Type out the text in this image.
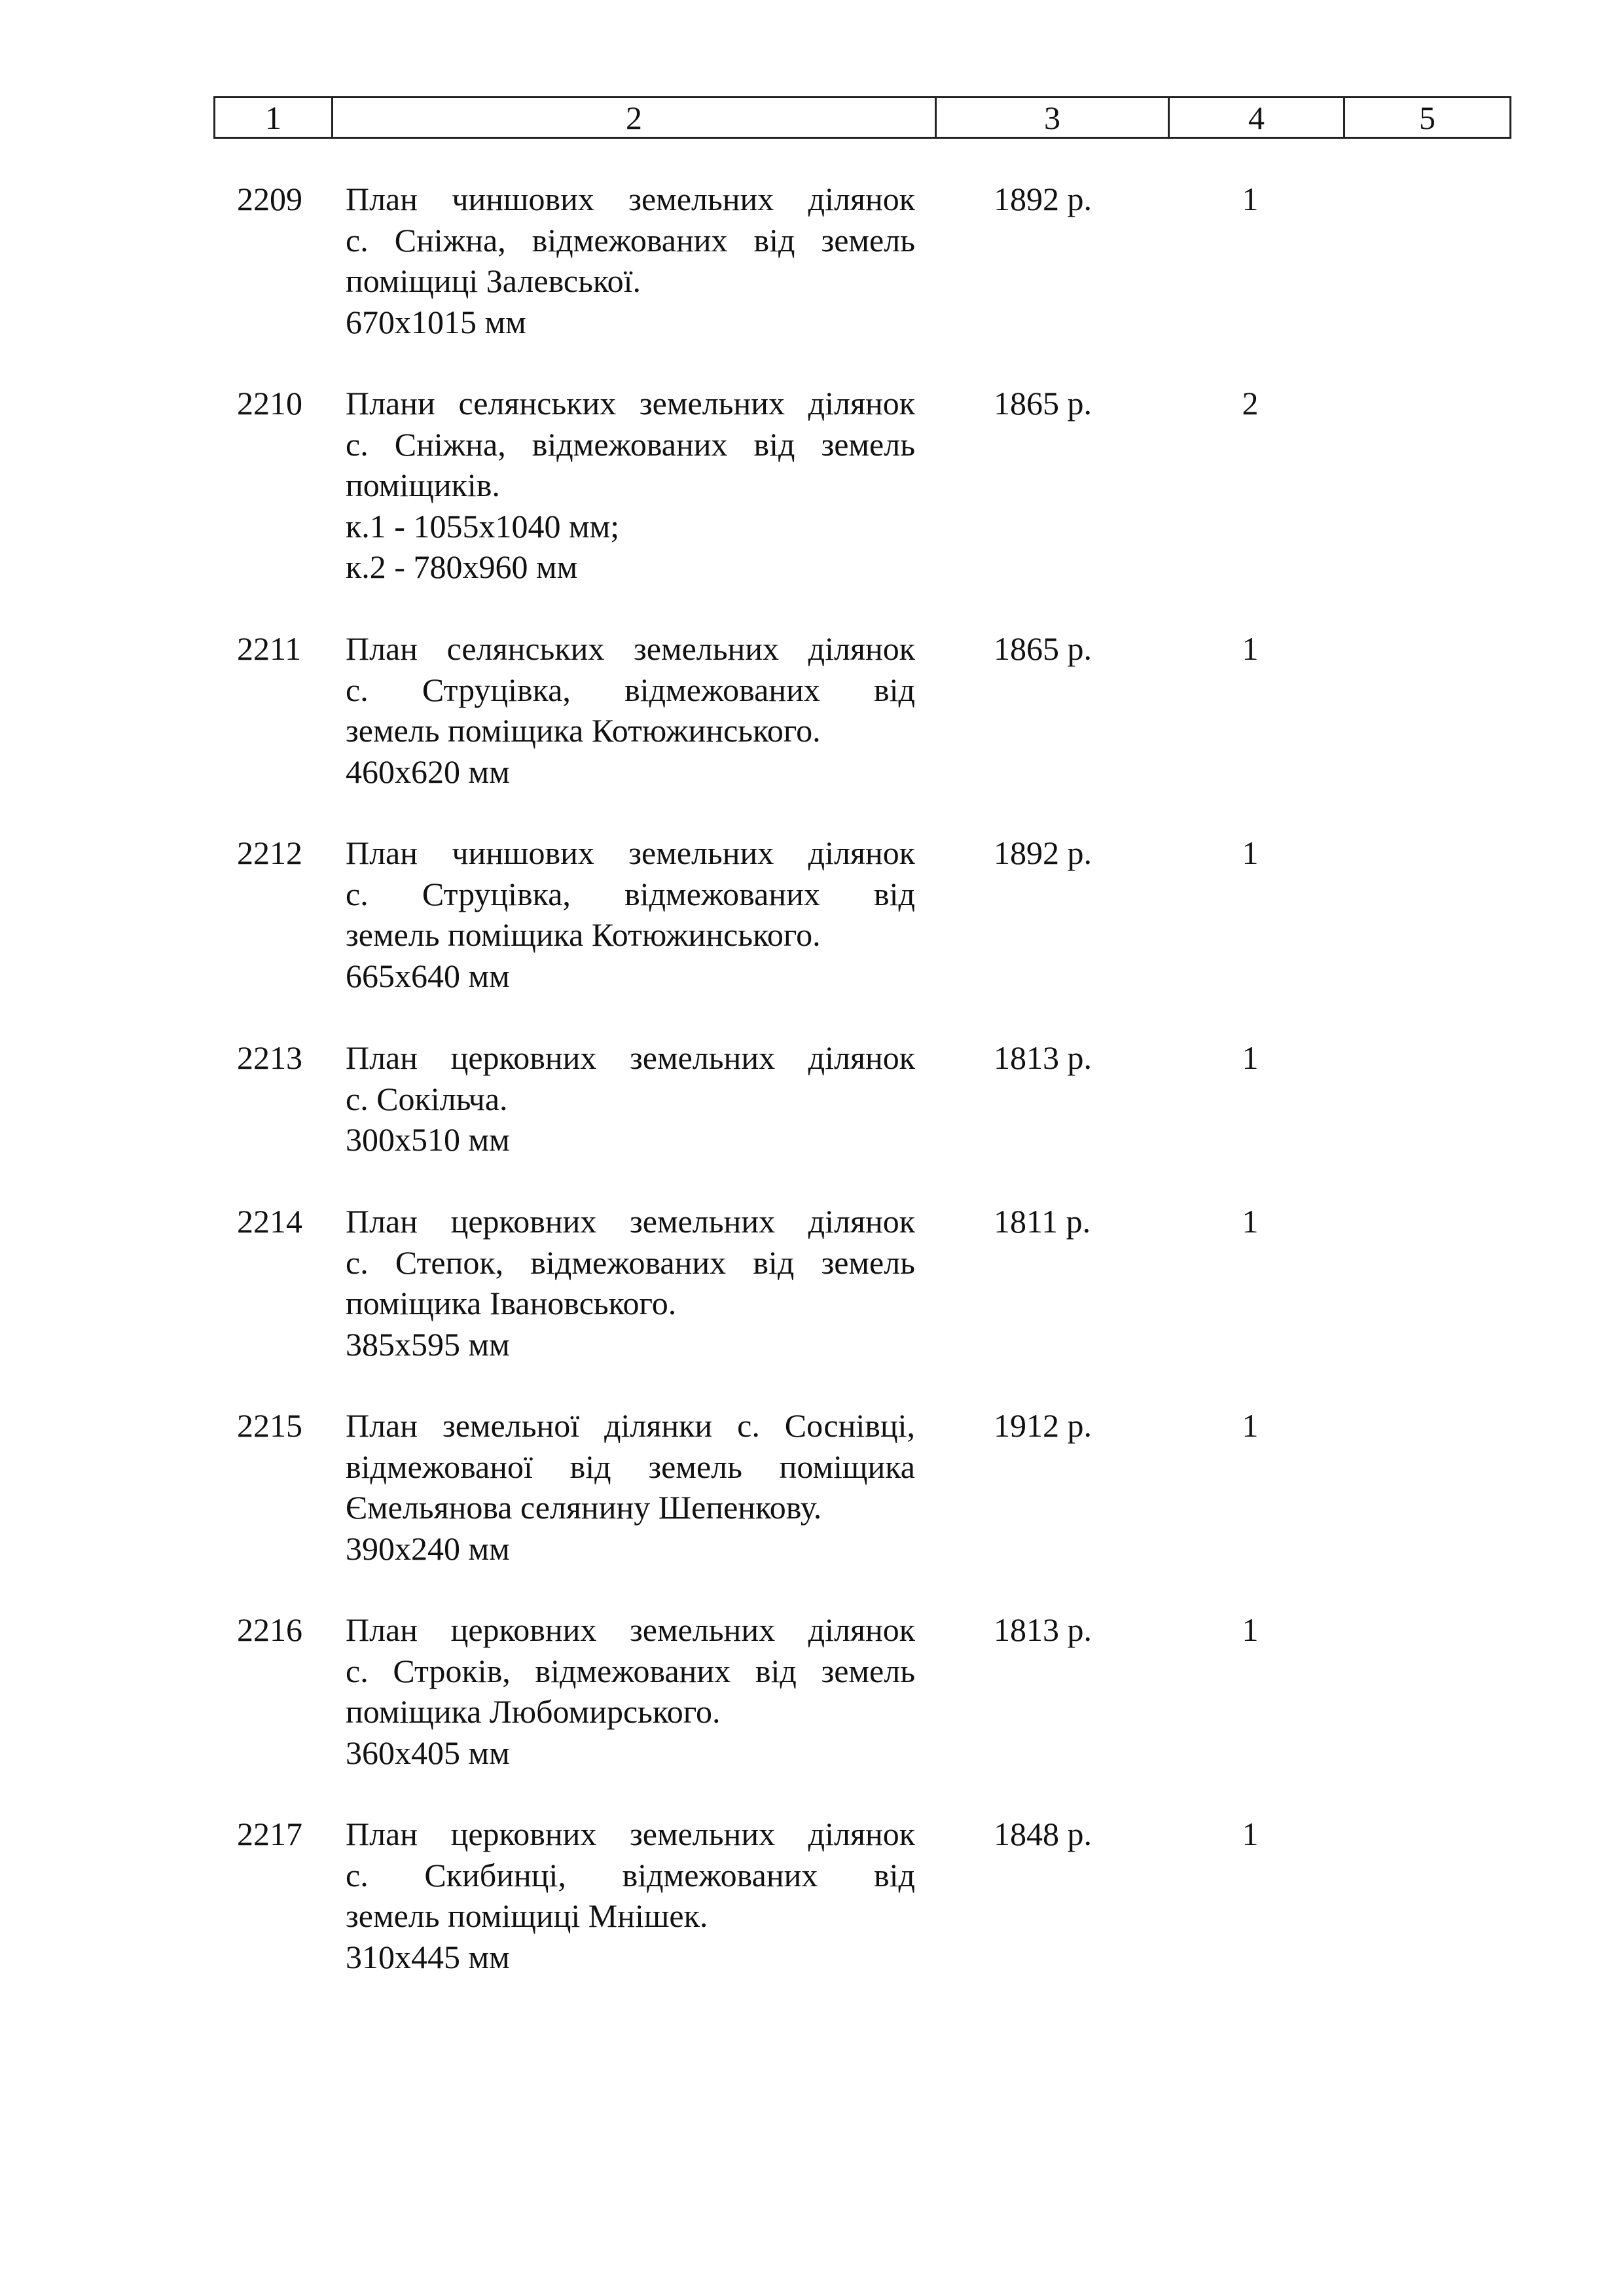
1	2	3	4	5
2209 План чиншових земельних ділянок
с. Сніжна, відмежованих від земель
поміщиці Залевської.
670х1015 мм
1892 р.	1
2210 Плани селянських земельних ділянок
с. Сніжна, відмежованих від земель
поміщиків.
к.1 - 1055х1040 мм;
к.2 - 780х960 мм
1865 р.	2
2211 План селянських земельних ділянок
с. Струцівка, відмежованих від
земель поміщика Котюжинського.
460х620 мм
1865 р.	1
2212 План чиншових земельних ділянок
с. Струцівка, відмежованих від
земель поміщика Котюжинського.
665х640 мм
1892 р.	1
2213 План церковних земельних ділянок
с. Сокільча.
300х510 мм
1813 р.	1
2214 План церковних земельних ділянок
с. Степок, відмежованих від земель
поміщика Івановського.
385х595 мм
1811 р.	1
2215 План земельної ділянки с. Соснівці,
відмежованої від земель поміщика
Ємельянова селянину Шепенкову.
390х240 мм
1912 р.	1
2216 План церковних земельних ділянок
с. Строків, відмежованих від земель
поміщика Любомирського.
360х405 мм
1813 р.	1
2217 План церковних земельних ділянок
с. Скибинці, відмежованих від
земель поміщиці Мнішек.
310х445 мм
1848 р.	1
